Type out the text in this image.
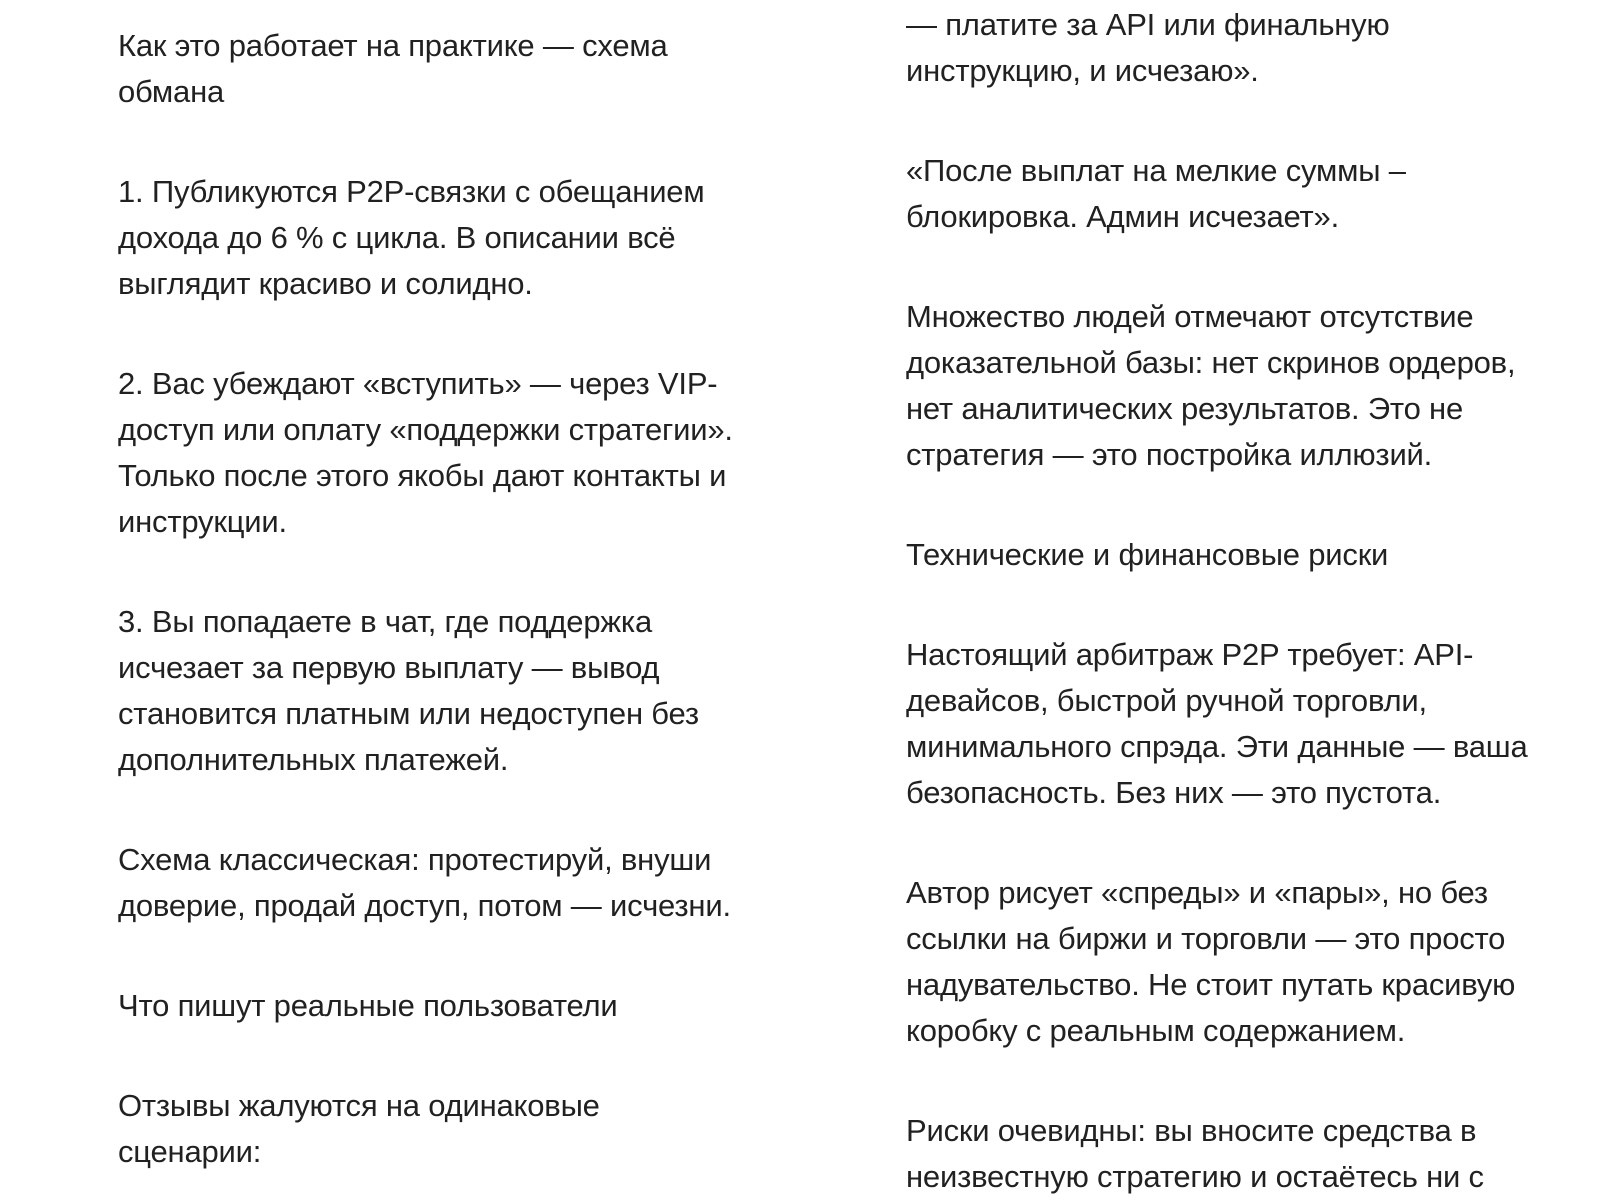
Как это работает на практике — схема
обмана
1. Публикуются P2P-связки с обещанием
дохода до 6 % с цикла. В описании всё
выглядит красиво и солидно.
2. Вас убеждают «вступить» — через VIP-
доступ или оплату «поддержки стратегии».
Только после этого якобы дают контакты и
инструкции.
3. Вы попадаете в чат, где поддержка
исчезает за первую выплату — вывод
становится платным или недоступен без
дополнительных платежей.
Схема классическая: протестируй, внуши
доверие, продай доступ, потом — исчезни.
Что пишут реальные пользователи
Отзывы жалуются на одинаковые
сценарии:
— платите за API или финальную
инструкцию, и исчезаю».
«После выплат на мелкие суммы –
блокировка. Админ исчезает».
Множество людей отмечают отсутствие
доказательной базы: нет скринов ордеров,
нет аналитических результатов. Это не
стратегия — это постройка иллюзий.
Технические и финансовые риски
Настоящий арбитраж P2P требует: API-
девайсов, быстрой ручной торговли,
минимального спрэда. Эти данные — ваша
безопасность. Без них — это пустота.
Автор рисует «спреды» и «пары», но без
ссылки на биржи и торговли — это просто
надувательство. Не стоит путать красивую
коробку с реальным содержанием.
Риски очевидны: вы вносите средства в
неизвестную стратегию и остаётесь ни с
